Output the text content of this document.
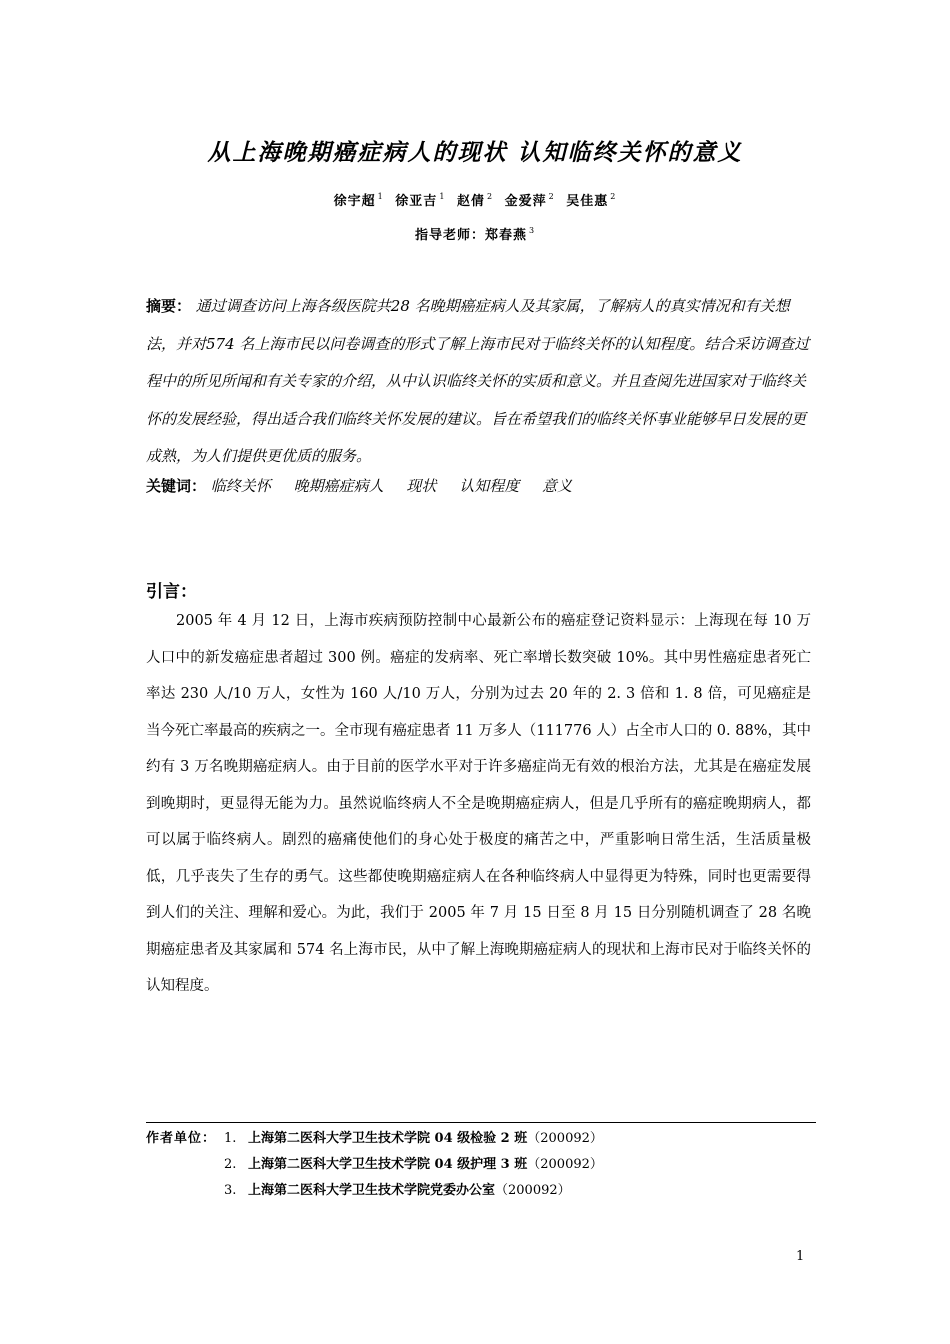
从上海晚期癌症病人的现状 认知临终关怀的意义
徐宇超 $^1$ 徐亚吉 $^1$ 赵倩 $^2$ 金爱萍 $^2$ 吴佳惠 $^2$
指导老师：郑春燕 $^3$
摘要： 通过调查访问上海各级医院共28 名晚期癌症病人及其家属，了解病人的真实情况和有关想法，并对574 名上海市民以问卷调查的形式了解上海市民对于临终关怀的认知程度。结合采访调查过程中的所见所闻和有关专家的介绍，从中认识临终关怀的实质和意义。并且查阅先进国家对于临终关怀的发展经验，得出适合我们临终关怀发展的建议。旨在希望我们的临终关怀事业能够早日发展的更成熟，为人们提供更优质的服务。
关键词： 临终关怀 晚期癌症病人 现状 认知程度 意义
引言：
2005 年 4 月 12 日，上海市疾病预防控制中心最新公布的癌症登记资料显示：上海现在每 10 万人口中的新发癌症患者超过 300 例。癌症的发病率、死亡率增长数突破 10%。其中男性癌症患者死亡率达 230 人/10 万人，女性为 160 人/10 万人，分别为过去 20 年的 2. 3 倍和 1. 8 倍，可见癌症是当今死亡率最高的疾病之一。全市现有癌症患者 11 万多人（111776 人）占全市人口的 0. 88%，其中约有 3 万名晚期癌症病人。由于目前的医学水平对于许多癌症尚无有效的根治方法，尤其是在癌症发展到晚期时，更显得无能为力。虽然说临终病人不全是晚期癌症病人，但是几乎所有的癌症晚期病人，都可以属于临终病人。剧烈的癌痛使他们的身心处于极度的痛苦之中，严重影响日常生活，生活质量极低，几乎丧失了生存的勇气。这些都使晚期癌症病人在各种临终病人中显得更为特殊，同时也更需要得到人们的关注、理解和爱心。为此，我们于 2005 年 7 月 15 日至 8 月 15 日分别随机调查了 28 名晚期癌症患者及其家属和 574 名上海市民，从中了解上海晚期癌症病人的现状和上海市民对于临终关怀的认知程度。
作者单位： 1. 上海第二医科大学卫生技术学院 04 级检验 2 班 （200092）
2. 上海第二医科大学卫生技术学院 04 级护理 3 班 （200092）
3. 上海第二医科大学卫生技术学院党委办公室 （200092）
1
